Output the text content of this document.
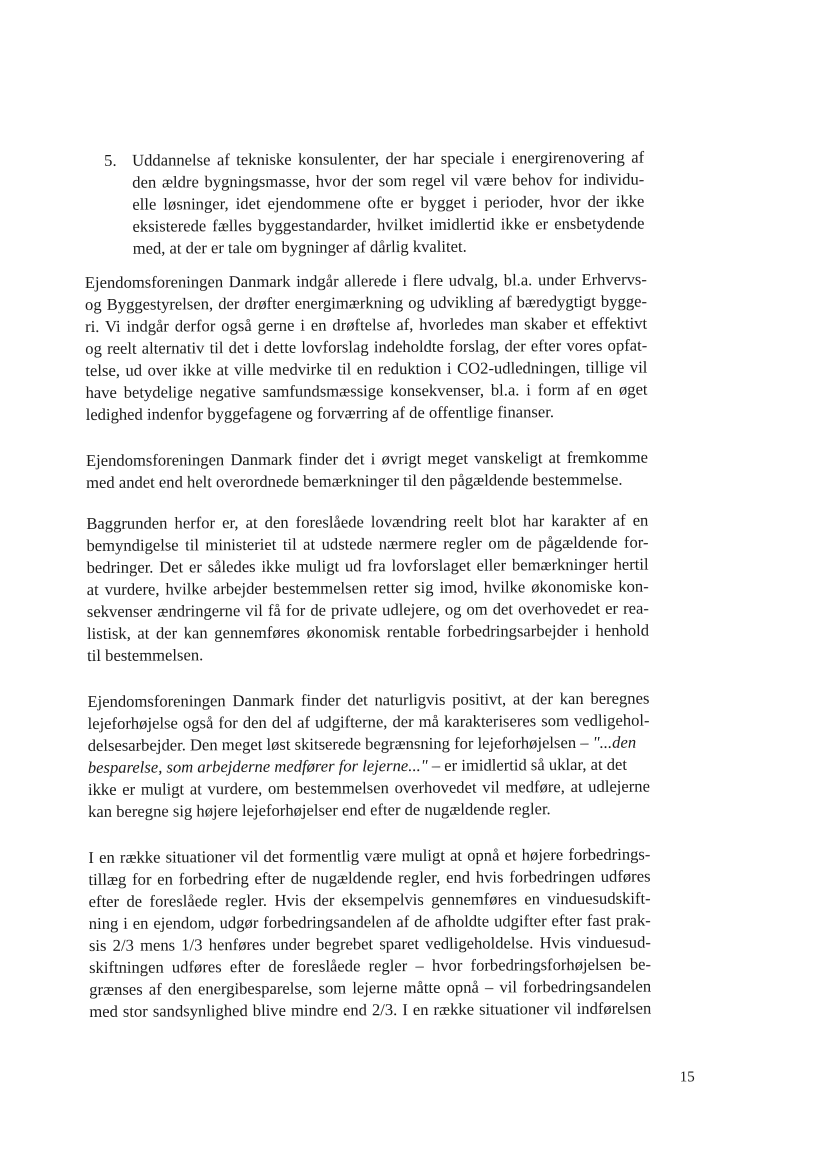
5. Uddannelse af tekniske konsulenter, der har speciale i energirenovering af
den ældre bygningsmasse, hvor der som regel vil være behov for individu-
elle løsninger, idet ejendommene ofte er bygget i perioder, hvor der ikke
eksisterede fælles byggestandarder, hvilket imidlertid ikke er ensbetydende
med, at der er tale om bygninger af dårlig kvalitet.
Ejendomsforeningen Danmark indgår allerede i flere udvalg, bl.a. under Erhvervs-
og Byggestyrelsen, der drøfter energimærkning og udvikling af bæredygtigt bygge-
ri. Vi indgår derfor også gerne i en drøftelse af, hvorledes man skaber et effektivt
og reelt alternativ til det i dette lovforslag indeholdte forslag, der efter vores opfat-
telse, ud over ikke at ville medvirke til en reduktion i CO2-udledningen, tillige vil
have betydelige negative samfundsmæssige konsekvenser, bl.a. i form af en øget
ledighed indenfor byggefagene og forværring af de offentlige finanser.
Ejendomsforeningen Danmark finder det i øvrigt meget vanskeligt at fremkomme
med andet end helt overordnede bemærkninger til den pågældende bestemmelse.
Baggrunden herfor er, at den foreslåede lovændring reelt blot har karakter af en
bemyndigelse til ministeriet til at udstede nærmere regler om de pågældende for-
bedringer. Det er således ikke muligt ud fra lovforslaget eller bemærkninger hertil
at vurdere, hvilke arbejder bestemmelsen retter sig imod, hvilke økonomiske kon-
sekvenser ændringerne vil få for de private udlejere, og om det overhovedet er rea-
listisk, at der kan gennemføres økonomisk rentable forbedringsarbejder i henhold
til bestemmelsen.
Ejendomsforeningen Danmark finder det naturligvis positivt, at der kan beregnes
lejeforhøjelse også for den del af udgifterne, der må karakteriseres som vedligehol-
delsesarbejder. Den meget løst skitserede begrænsning for lejeforhøjelsen – "...den
besparelse, som arbejderne medfører for lejerne..." – er imidlertid så uklar, at det
ikke er muligt at vurdere, om bestemmelsen overhovedet vil medføre, at udlejerne
kan beregne sig højere lejeforhøjelser end efter de nugældende regler.
I en række situationer vil det formentlig være muligt at opnå et højere forbedrings-
tillæg for en forbedring efter de nugældende regler, end hvis forbedringen udføres
efter de foreslåede regler. Hvis der eksempelvis gennemføres en vinduesudskift-
ning i en ejendom, udgør forbedringsandelen af de afholdte udgifter efter fast prak-
sis 2/3 mens 1/3 henføres under begrebet sparet vedligeholdelse. Hvis vinduesud-
skiftningen udføres efter de foreslåede regler – hvor forbedringsforhøjelsen be-
grænses af den energibesparelse, som lejerne måtte opnå – vil forbedringsandelen
med stor sandsynlighed blive mindre end 2/3. I en række situationer vil indførelsen
15
